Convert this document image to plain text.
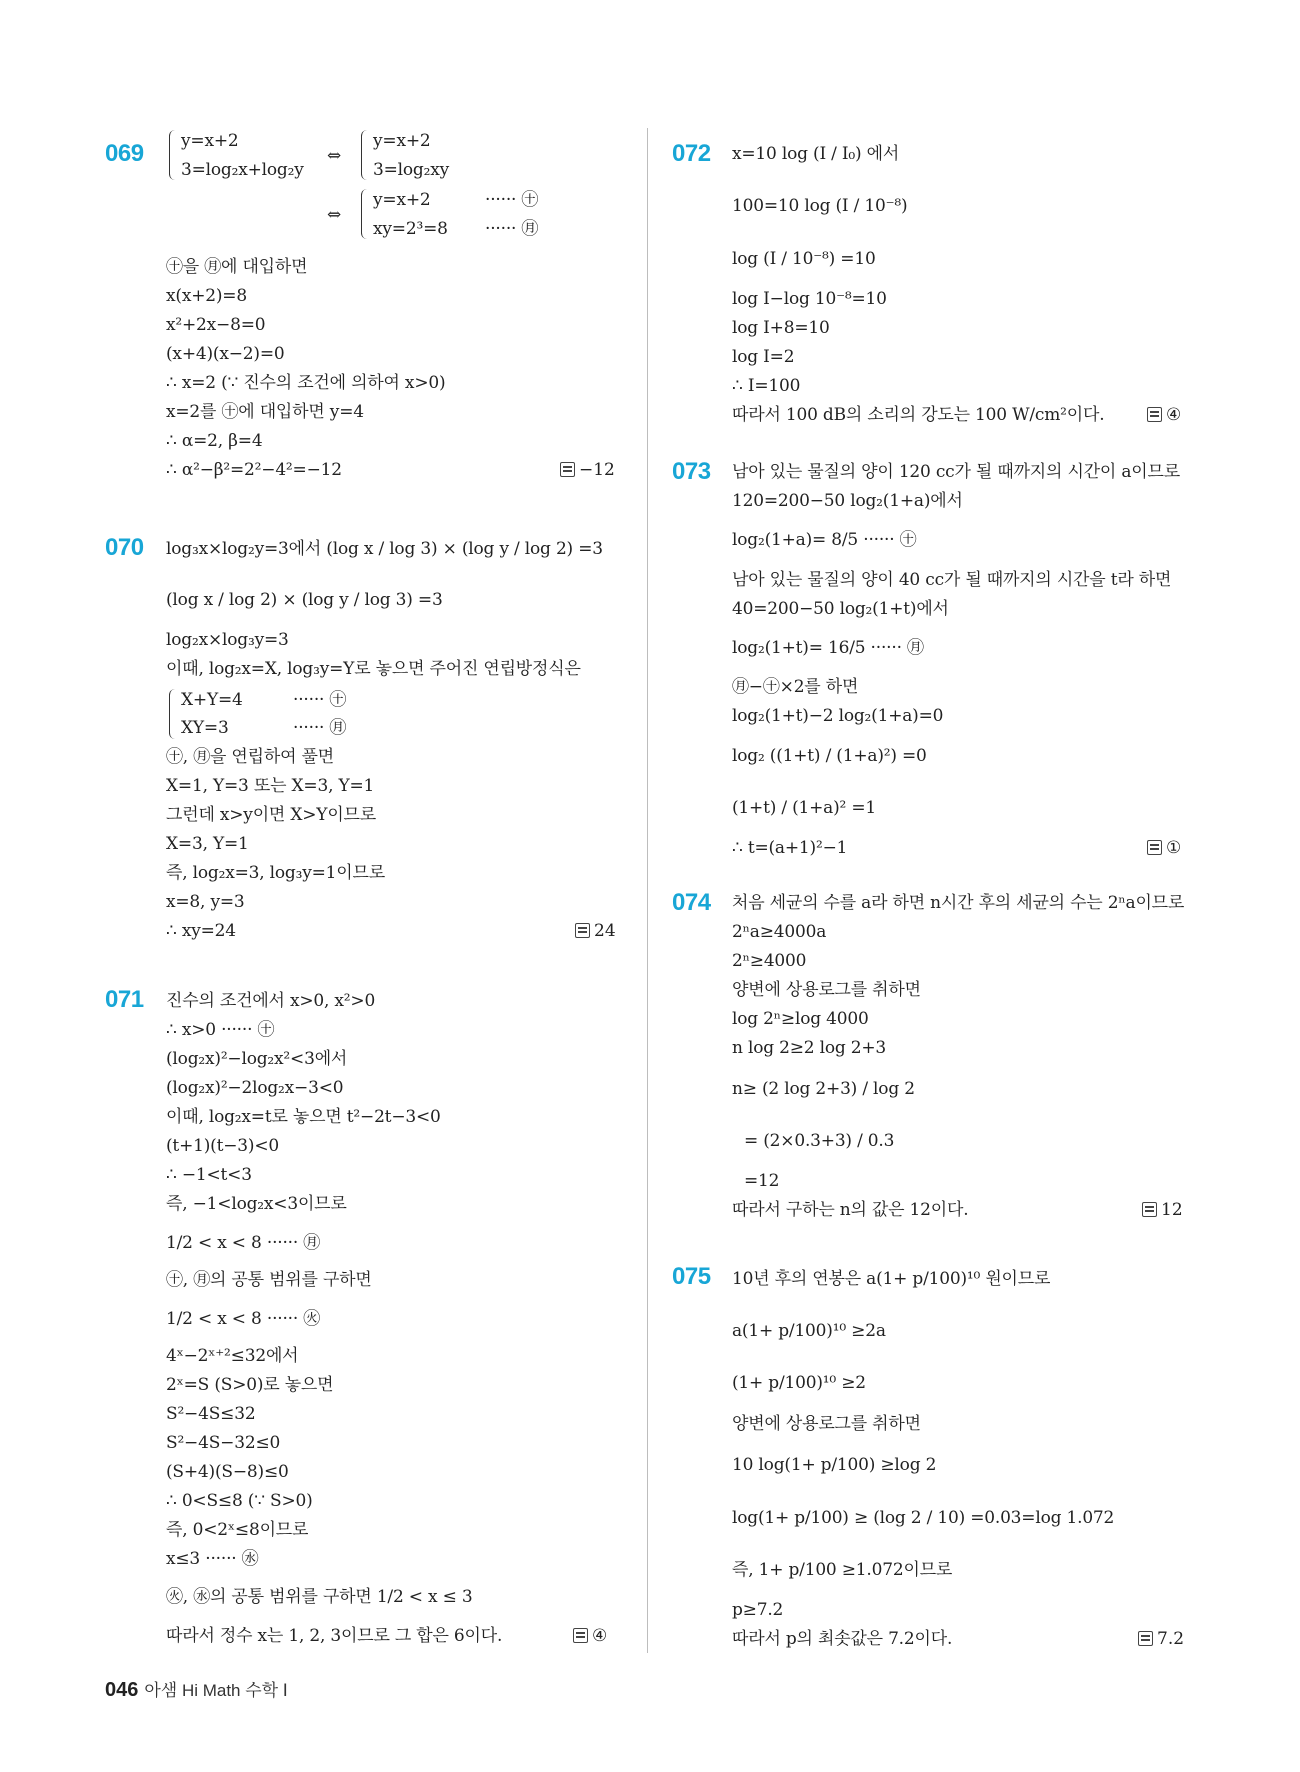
069 y=x+2
3=log₂x+log₂y
⇔
y=x+2
3=log₂xy
⇔
y=x+2	······ ㊉
xy=2³=8 ······ ㊊
㊉을 ㊊에 대입하면
x(x+2)=8
x²+2x−8=0
(x+4)(x−2)=0
∴ x=2 (∵ 진수의 조건에 의하여 x>0)
x=2를 ㊉에 대입하면 y=4
∴ α=2, β=4
∴ α²−β²=2²−4²=−12	−12
070 log₃x×log₂y=3에서 (log x / log 3) × (log y / log 2) =3
(log x / log 2) × (log y / log 3) =3
log₂x×log₃y=3
이때, log₂x=X, log₃y=Y로 놓으면 주어진 연립방정식은
X+Y=4	······ ㊉
XY=3	······ ㊊
㊉, ㊊을 연립하여 풀면
X=1, Y=3 또는 X=3, Y=1
그런데 x>y이면 X>Y이므로
X=3, Y=1
즉, log₂x=3, log₃y=1이므로
x=8, y=3
∴ xy=24	24
071 진수의 조건에서 x>0, x²>0
∴ x>0 ······ ㊉
(log₂x)²−log₂x²<3에서
(log₂x)²−2log₂x−3<0
이때, log₂x=t로 놓으면 t²−2t−3<0
(t+1)(t−3)<0
∴ −1<t<3
즉, −1<log₂x<3이므로
1/2 < x < 8 ······ ㊊
㊉, ㊊의 공통 범위를 구하면
1/2 < x < 8 ······ ㊋
4ˣ−2ˣ⁺²≤32에서
2ˣ=S (S>0)로 놓으면
S²−4S≤32
S²−4S−32≤0
(S+4)(S−8)≤0
∴ 0<S≤8 (∵ S>0)
즉, 0<2ˣ≤8이므로
x≤3 ······ ㊌
㊋, ㊌의 공통 범위를 구하면 1/2 < x ≤ 3
따라서 정수 x는 1, 2, 3이므로 그 합은 6이다.	④
072 x=10 log (I / I₀) 에서
100=10 log (I / 10⁻⁸)
log (I / 10⁻⁸) =10
log I−log 10⁻⁸=10
log I+8=10
log I=2
∴ I=100
따라서 100 dB의 소리의 강도는 100 W/cm²이다.	④
073 남아 있는 물질의 양이 120 cc가 될 때까지의 시간이 a이므로
120=200−50 log₂(1+a)에서
log₂(1+a)= 8/5 ······ ㊉
남아 있는 물질의 양이 40 cc가 될 때까지의 시간을 t라 하면
40=200−50 log₂(1+t)에서
log₂(1+t)= 16/5 ······ ㊊
㊊−㊉×2를 하면
log₂(1+t)−2 log₂(1+a)=0
log₂ ((1+t) / (1+a)²) =0
(1+t) / (1+a)² =1
∴ t=(a+1)²−1	①
074 처음 세균의 수를 a라 하면 n시간 후의 세균의 수는 2ⁿa이므로
2ⁿa≥4000a
2ⁿ≥4000
양변에 상용로그를 취하면
log 2ⁿ≥log 4000
n log 2≥2 log 2+3
n≥ (2 log 2+3) / log 2
= (2×0.3+3) / 0.3
=12
따라서 구하는 n의 값은 12이다.	12
075 10년 후의 연봉은 a(1+ p/100)¹⁰ 원이므로
a(1+ p/100)¹⁰ ≥2a
(1+ p/100)¹⁰ ≥2
양변에 상용로그를 취하면
10 log(1+ p/100) ≥log 2
log(1+ p/100) ≥ (log 2 / 10) =0.03=log 1.072
즉, 1+ p/100 ≥1.072이므로
p≥7.2
따라서 p의 최솟값은 7.2이다.	7.2
046 아샘 Hi Math 수학 Ⅰ
